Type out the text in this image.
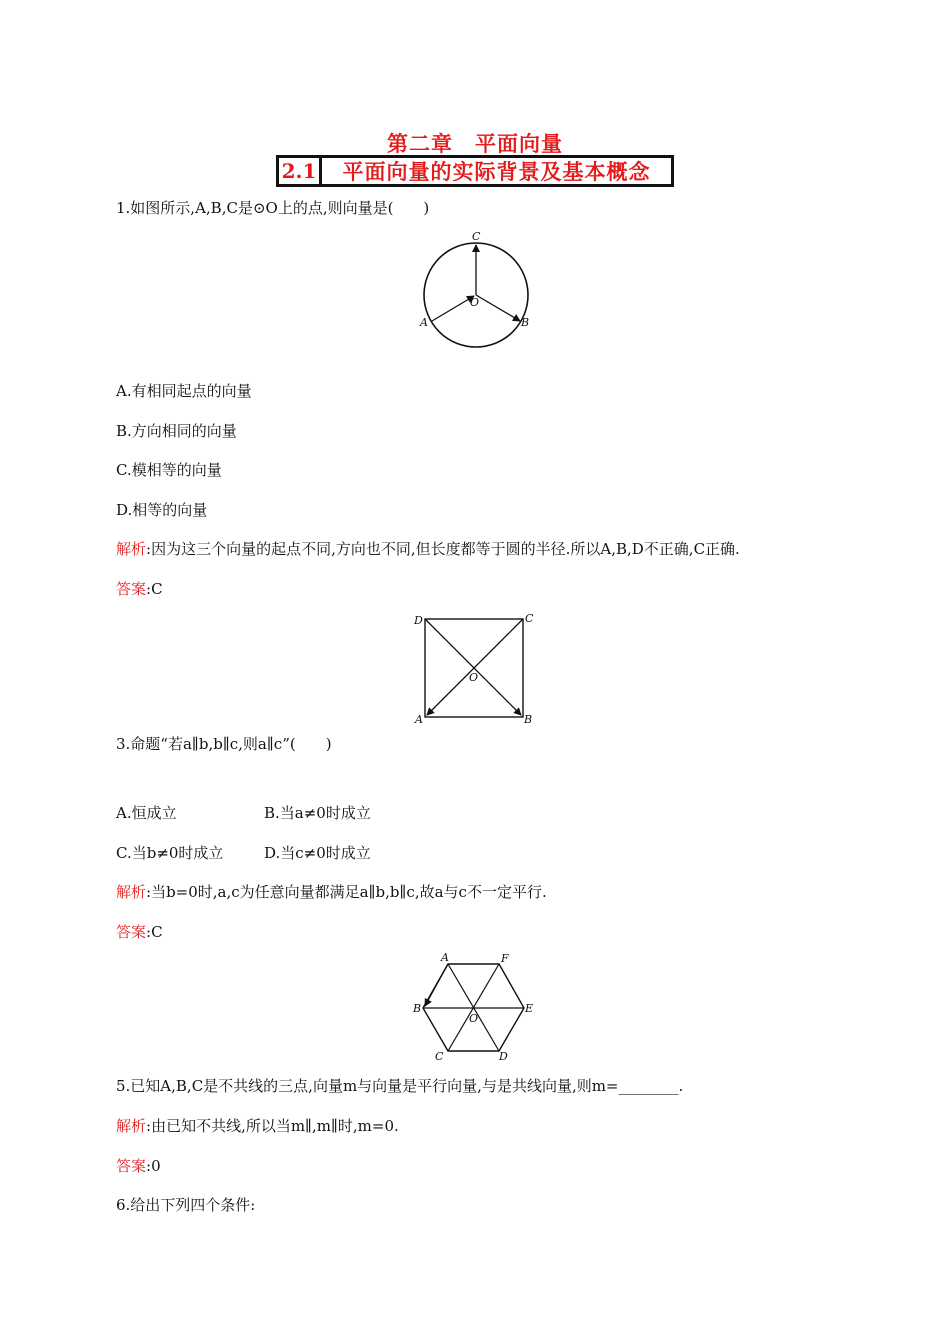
第二章　平面向量
2.1	平面向量的实际背景及基本概念
1.如图所示,A,B,C是⊙O上的点,则向量是(　　)
C
O
A	B
A.有相同起点的向量
B.方向相同的向量
C.模相等的向量
D.相等的向量
解析:因为这三个向量的起点不同,方向也不同,但长度都等于圆的半径.所以A,B,D不正确,C正确.
答案:C
D	C
A	B
O
3.命题“若a∥b,b∥c,则a∥c”(　　)
A.恒成立	B.当a≠0时成立
C.当b≠0时成立	D.当c≠0时成立
解析:当b=0时,a,c为任意向量都满足a∥b,b∥c,故a与c不一定平行.
答案:C
A	F
B	E
O
C	D
5.已知A,B,C是不共线的三点,向量m与向量是平行向量,与是共线向量,则m=________.
解析:由已知不共线,所以当m∥,m∥时,m=0.
答案:0
6.给出下列四个条件:
